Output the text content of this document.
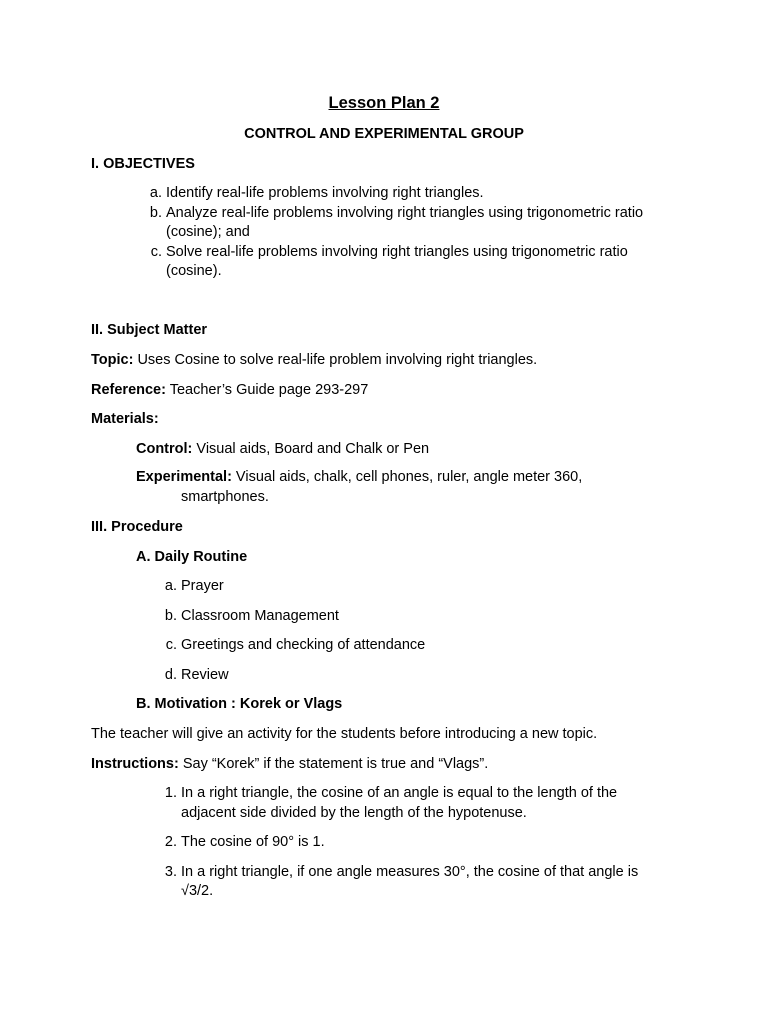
Lesson Plan 2

CONTROL AND EXPERIMENTAL GROUP

I. OBJECTIVES

a. Identify real-life problems involving right triangles.
b. Analyze real-life problems involving right triangles using trigonometric ratio (cosine); and
c. Solve real-life problems involving right triangles using trigonometric ratio (cosine).

II. Subject Matter

Topic: Uses Cosine to solve real-life problem involving right triangles.

Reference: Teacher’s Guide page 293-297

Materials:

Control: Visual aids, Board and Chalk or Pen

Experimental: Visual aids, chalk, cell phones, ruler, angle meter 360, smartphones.

III. Procedure

A. Daily Routine

a. Prayer
b. Classroom Management
c. Greetings and checking of attendance
d. Review

B. Motivation : Korek or Vlags

The teacher will give an activity for the students before introducing a new topic.

Instructions: Say “Korek” if the statement is true and “Vlags”.

1. In a right triangle, the cosine of an angle is equal to the length of the adjacent side divided by the length of the hypotenuse.
2. The cosine of 90° is 1.
3. In a right triangle, if one angle measures 30°, the cosine of that angle is √3/2.
